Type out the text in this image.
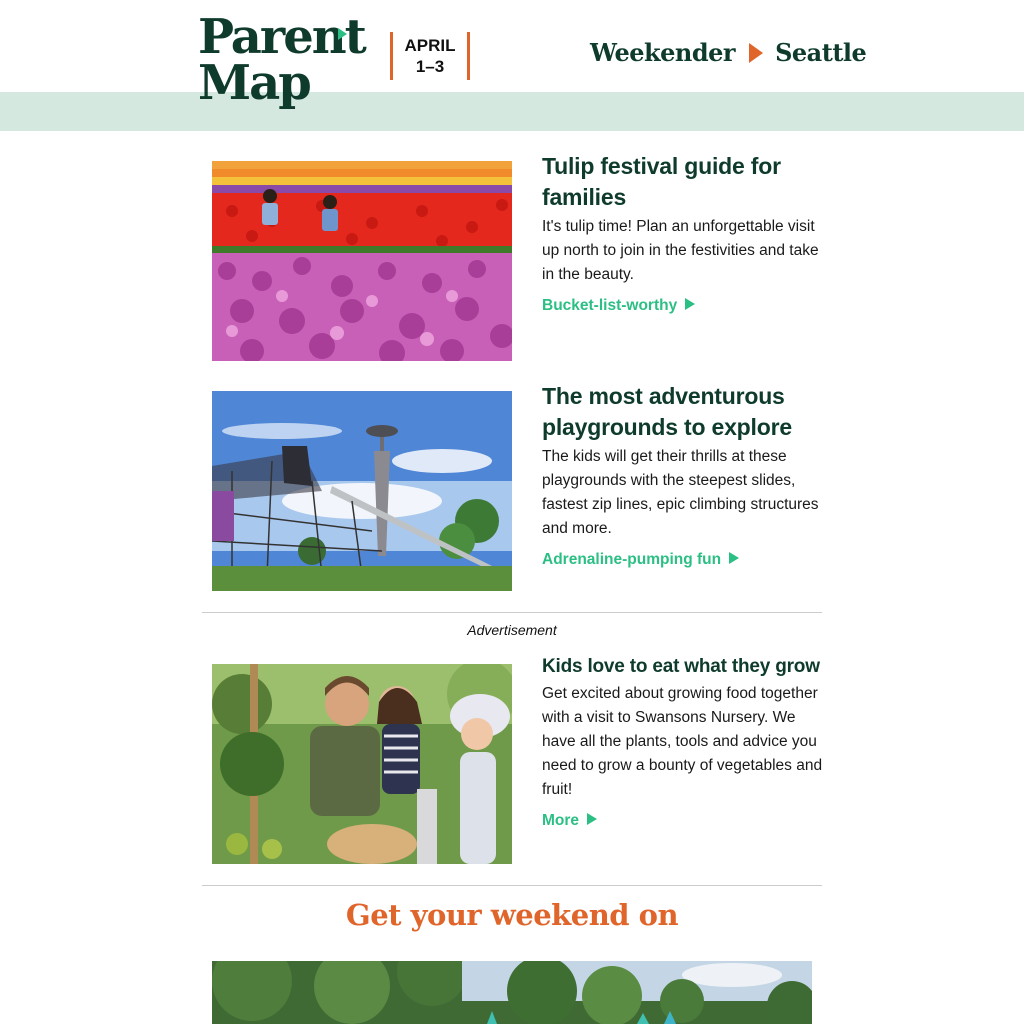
Parent
Map
APRIL
1–3	Weekender Seattle
Tulip festival guide for families
It's tulip time! Plan an unforgettable visit up north to join in the festivities and take in the beauty.
Bucket-list-worthy
The most adventurous playgrounds to explore
The kids will get their thrills at these playgrounds with the steepest slides, fastest zip lines, epic climbing structures and more.
Adrenaline-pumping fun
Advertisement
Kids love to eat what they grow
Get excited about growing food together with a visit to Swansons Nursery. We have all the plants, tools and advice you need to grow a bounty of vegetables and fruit!
More
Get your weekend on
